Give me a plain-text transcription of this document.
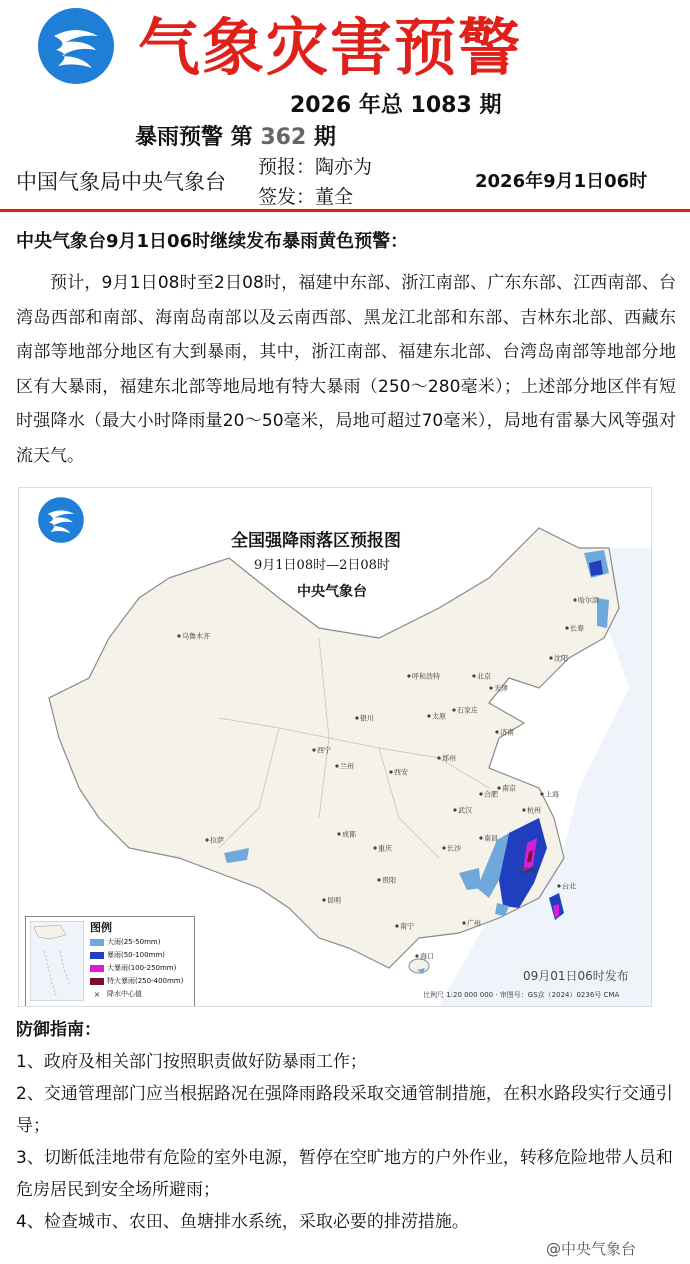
气象灾害预警
2026 年总 1083 期
暴雨预警 第 362 期
中国气象局中央气象台
预报：陶亦为
签发：董全
2026年9月1日06时
中央气象台9月1日06时继续发布暴雨黄色预警：
预计，9月1日08时至2日08时，福建中东部、浙江南部、广东东部、江西南部、台湾岛西部和南部、海南岛南部以及云南西部、黑龙江北部和东部、吉林东北部、西藏东南部等地部分地区有大到暴雨，其中，浙江南部、福建东北部、台湾岛南部等地部分地区有大暴雨，福建东北部等地局地有特大暴雨（250～280毫米）；上述部分地区伴有短时强降水（最大小时降雨量20～50毫米，局地可超过70毫米），局地有雷暴大风等强对流天气。
乌鲁木齐
拉萨
西宁
兰州
成都
重庆
昆明
贵阳
南宁	广州
福州
杭州
上海
南京
合肥
武汉
长沙
南昌
郑州
西安
太原
石家庄
北京
天津
济南
沈阳
长春
哈尔滨
呼和浩特
银川
海口
台北
全国强降雨落区预报图
9月1日08时—2日08时
中央气象台
图例
大雨(25-50mm)
暴雨(50-100mm)
大暴雨(100-250mm)
特大暴雨(250-400mm)
× 降水中心值
09月01日06时发布
比例尺 1:20 000 000 · 审图号：GS京（2024）0236号 CMA
防御指南：

1、政府及相关部门按照职责做好防暴雨工作；

2、交通管理部门应当根据路况在强降雨路段采取交通管制措施，在积水路段实行交通引导；

3、切断低洼地带有危险的室外电源，暂停在空旷地方的户外作业，转移危险地带人员和危房居民到安全场所避雨；

4、检查城市、农田、鱼塘排水系统，采取必要的排涝措施。

@中央气象台
